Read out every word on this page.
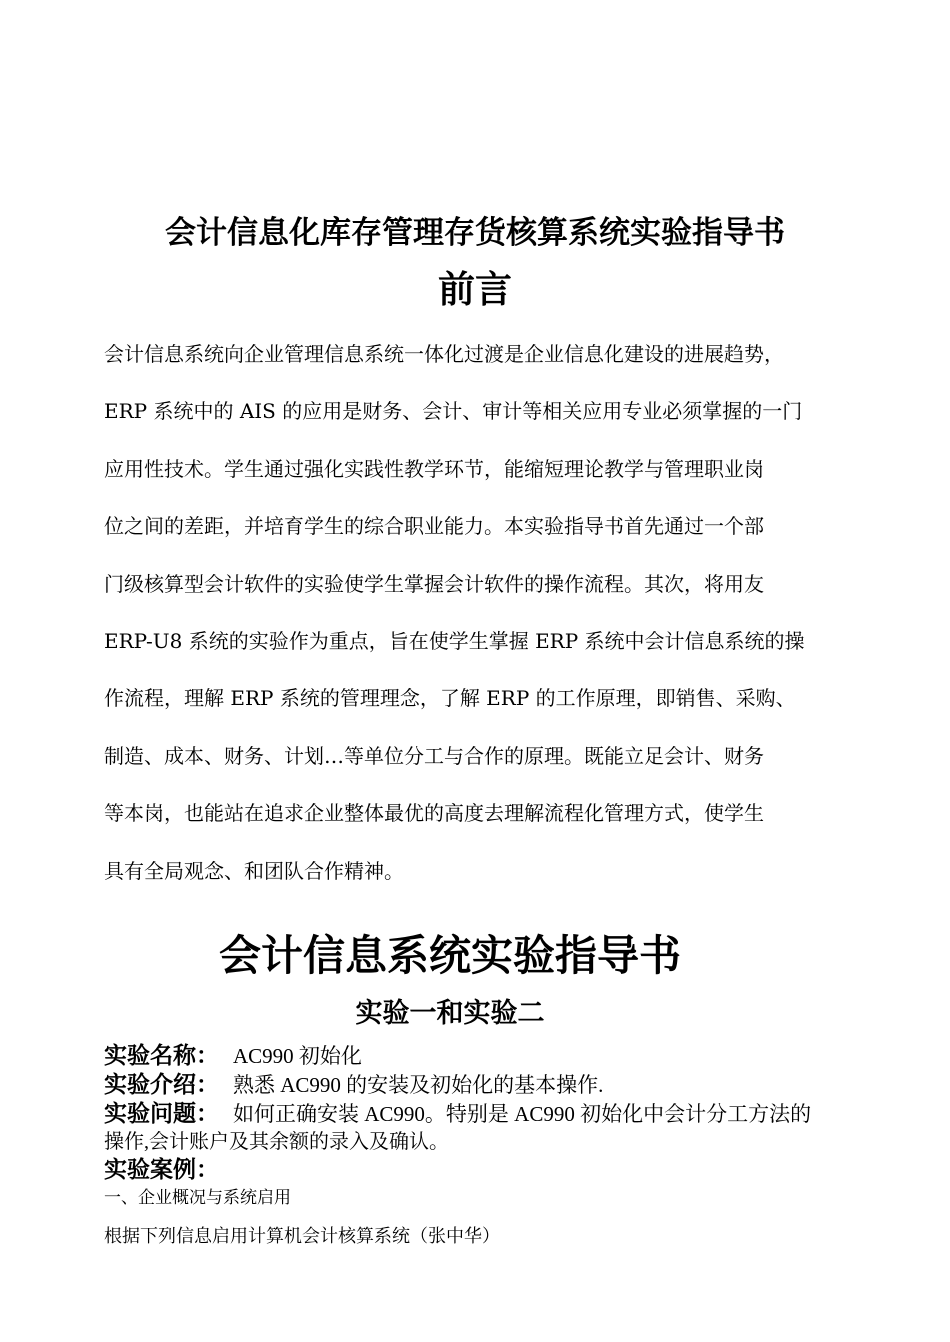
会计信息化库存管理存货核算系统实验指导书
前言
会计信息系统向企业管理信息系统一体化过渡是企业信息化建设的进展趋势，
ERP 系统中的 AIS 的应用是财务、会计、审计等相关应用专业必须掌握的一门
应用性技术。学生通过强化实践性教学环节，能缩短理论教学与管理职业岗
位之间的差距，并培育学生的综合职业能力。本实验指导书首先通过一个部
门级核算型会计软件的实验使学生掌握会计软件的操作流程。其次，将用友
ERP-U8 系统的实验作为重点，旨在使学生掌握 ERP 系统中会计信息系统的操
作流程，理解 ERP 系统的管理理念，了解 ERP 的工作原理，即销售、采购、
制造、成本、财务、计划…等单位分工与合作的原理。既能立足会计、财务
等本岗，也能站在追求企业整体最优的高度去理解流程化管理方式，使学生
具有全局观念、和团队合作精神。
会计信息系统实验指导书
实验一和实验二
实验名称： AC990 初始化
实验介绍： 熟悉 AC990 的安装及初始化的基本操作.
实验问题： 如何正确安装 AC990。特别是 AC990 初始化中会计分工方法的
操作,会计账户及其余额的录入及确认。
实验案例：
一、企业概况与系统启用
根据下列信息启用计算机会计核算系统（张中华）
